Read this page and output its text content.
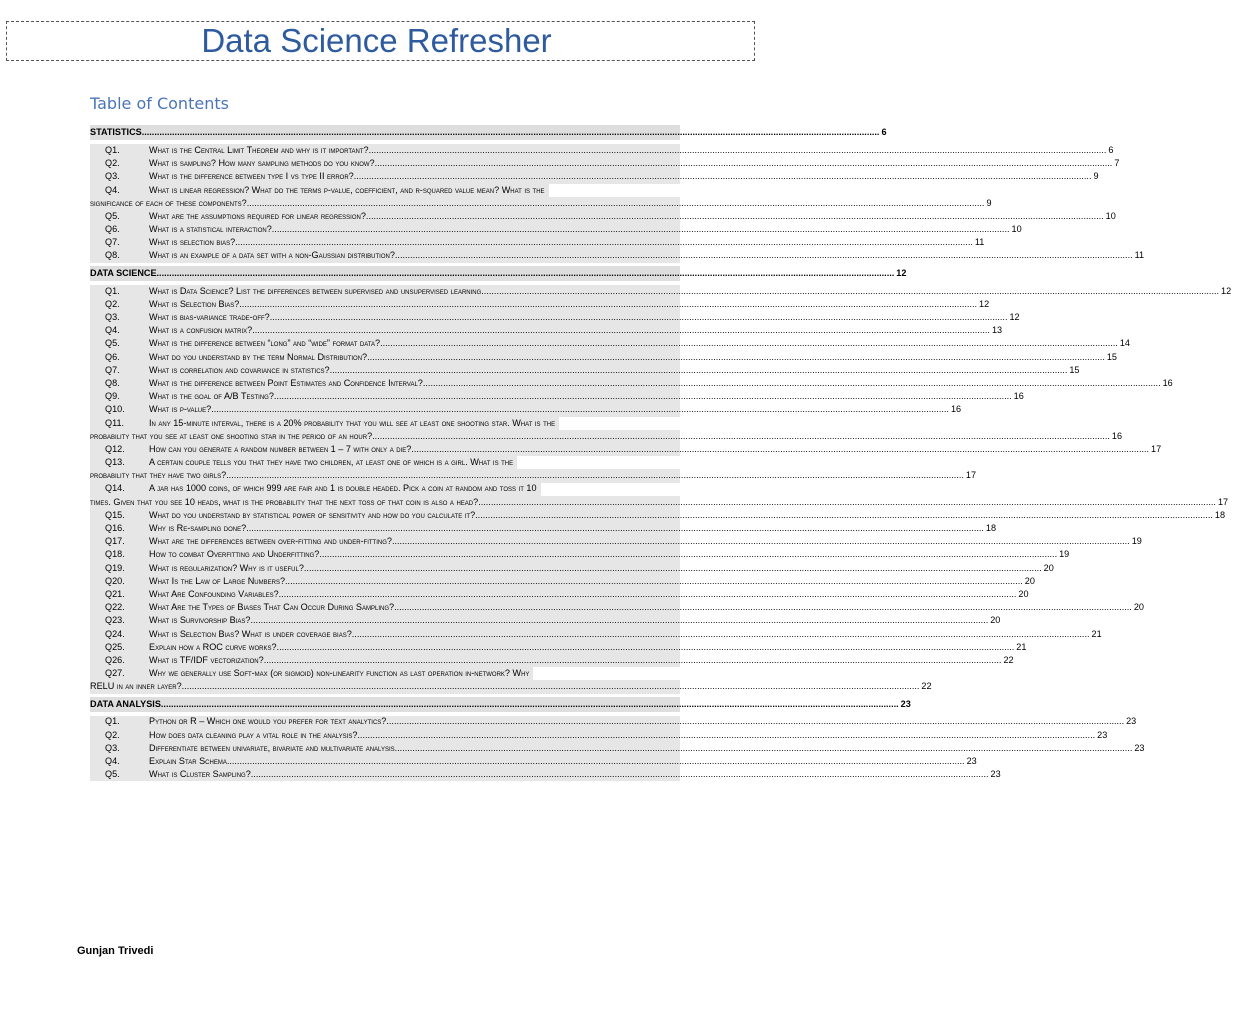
Data Science Refresher
Table of Contents
STATISTICS .....	6
Q1.	What is the Central Limit Theorem and why is it important? .....	6
Q2.	What is sampling? How many sampling methods do you know? .....	7
Q3.	What is the difference between type I vs type II error? .....	9
Q4.	What is linear regression? What do the terms p-value, coefficient, and r-squared value mean? What is the
significance of each of these components? .....	9
Q5.	What are the assumptions required for linear regression? .....	10
Q6.	What is a statistical interaction? .....	10
Q7.	What is selection bias? .....	11
Q8.	What is an example of a data set with a non-Gaussian distribution? .....	11
DATA SCIENCE .....	12
Q1.	What is Data Science? List the differences between supervised and unsupervised learning .....	12
Q2.	What is Selection Bias? .....	12
Q3.	What is bias-variance trade-off? .....	12
Q4.	What is a confusion matrix? .....	13
Q5.	What is the difference between “long” and “wide” format data? .....	14
Q6.	What do you understand by the term Normal Distribution? .....	15
Q7.	What is correlation and covariance in statistics? .....	15
Q8.	What is the difference between Point Estimates and Confidence Interval? .....	16
Q9.	What is the goal of A/B Testing? .....	16
Q10.	What is p-value? .....	16
Q11.	In any 15-minute interval, there is a 20% probability that you will see at least one shooting star. What is the
probability that you see at least one shooting star in the period of an hour? .....	16
Q12.	How can you generate a random number between 1 – 7 with only a die? .....	17
Q13.	A certain couple tells you that they have two children, at least one of which is a girl. What is the
probability that they have two girls? .....	17
Q14.	A jar has 1000 coins, of which 999 are fair and 1 is double headed. Pick a coin at random and toss it 10
times. Given that you see 10 heads, what is the probability that the next toss of that coin is also a head? .....	17
Q15.	What do you understand by statistical power of sensitivity and how do you calculate it? .....	18
Q16.	Why is Re-sampling done? .....	18
Q17.	What are the differences between over-fitting and under-fitting? .....	19
Q18.	How to combat Overfitting and Underfitting? .....	19
Q19.	What is regularization? Why is it useful? .....	20
Q20.	What Is the Law of Large Numbers? .....	20
Q21.	What Are Confounding Variables? .....	20
Q22.	What Are the Types of Biases That Can Occur During Sampling? .....	20
Q23.	What is Survivorship Bias? .....	20
Q24.	What is Selection Bias? What is under coverage bias? .....	21
Q25.	Explain how a ROC curve works? .....	21
Q26.	What is TF/IDF vectorization? .....	22
Q27.	Why we generally use Soft-max (or sigmoid) non-linearity function as last operation in-network? Why
RELU in an inner layer? .....	22
DATA ANALYSIS .....	23
Q1.	Python or R – Which one would you prefer for text analytics? .....	23
Q2.	How does data cleaning play a vital role in the analysis? .....	23
Q3.	Differentiate between univariate, bivariate and multivariate analysis .....	23
Q4.	Explain Star Schema .....	23
Q5.	What is Cluster Sampling? .....	23
Gunjan Trivedi
